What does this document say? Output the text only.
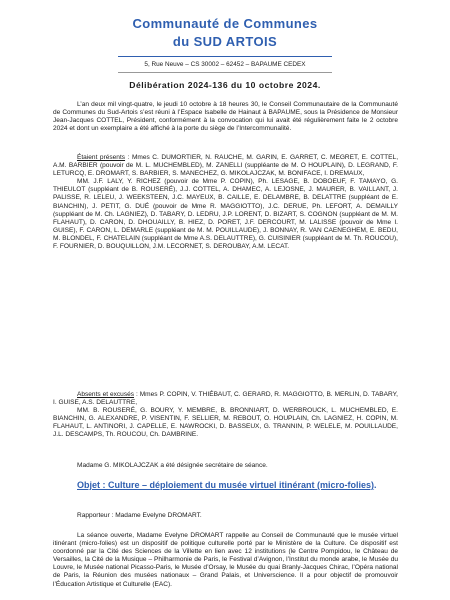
Communauté de Communes
du SUD ARTOIS
5, Rue Neuve – CS 30002 – 62452 – BAPAUME CEDEX
Délibération 2024-136 du 10 octobre 2024.
L’an deux mil vingt-quatre, le jeudi 10 octobre à 18 heures 30, le Conseil Communautaire de la Communauté de Communes du Sud-Artois s’est réuni à l’Espace Isabelle de Hainaut à BAPAUME, sous la Présidence de Monsieur Jean-Jacques COTTEL, Président, conformément à la convocation qui lui avait été régulièrement faite le 2 octobre 2024 et dont un exemplaire a été affiché à la porte du siège de l’Intercommunalité.
Étaient présents : Mmes C. DUMORTIER, N. RAUCHE, M. GARIN, E. GARRET, C. MEGRET, E. COTTEL, A.M. BARBIER (pouvoir de M. L. MUCHEMBLED), M. ZANELLI (suppléante de M. O HOUPLAIN), D. LEGRAND, F. LETURCQ, E. DROMART, S. BARBIER, S. MANECHEZ, G. MIKOLAJCZAK, M. BONIFACE, I. DREMAUX,
MM. J.F. LALY, Y. RICHEZ (pouvoir de Mme P. COPIN), Ph. LESAGE, B. DOBOEUF, F. TAMAYO, G. THIEULOT (suppléant de B. ROUSERÉ), J.J. COTTEL, A. DHAMEC, A. LEJOSNE, J. MAURER, B. VAILLANT, J. PALISSE, R. LELEU, J. WEEKSTEEN, J.C. MAYEUX, B. CAILLE, E. DELAMBRE, B. DELATTRE (suppléant de E. BIANCHIN), J. PETIT, G. DUÉ (pouvoir de Mme R. MAGGIOTTO), J.C. DERUE, Ph. LEFORT, A. DEMAILLY (suppléant de M. Ch. LAGNIEZ), D. TABARY, D. LEDRU, J.P. LORENT, D. BIZART, S. COGNON (suppléant de M. M. FLAHAUT), D. CARON, D. DHOUAILLY, B. HIEZ, D. PORET, J.F. DERCOURT, M. LALISSE (pouvoir de Mme I. GUISE), F. CARON, L. DEMARLE (suppléant de M. M. POUILLAUDE), J. BONNAY, R. VAN CAENEGHEM, E. BEDU, M. BLONDEL, F. CHATELAIN (suppléant de Mme A.S. DELAUTTRE), G. CUISINIER (suppléant de M. Th. ROUCOU), F. FOURNIER, D. BOUQUILLON, J.M. LECORNET, S. DEROUBAY, A.M. LECAT.
Absents et excusés : Mmes P. COPIN, V. THIÉBAUT, C. GERARD, R. MAGGIOTTO, B. MERLIN, D. TABARY, I. GUISE, A.S. DELAUTTRE,
MM. B. ROUSERÉ, G. BOURY, Y. MEMBRE, B. BRONNIART, D. WERBROUCK, L. MUCHEMBLED, E. BIANCHIN, G. ALEXANDRE, P. VISENTIN, F. SELLIER, M. REBOUT, O. HOUPLAIN, Ch. LAGNIEZ, H. COPIN, M. FLAHAUT, L. ANTINORI, J. CAPELLE, E. NAWROCKI, D. BASSEUX, G. TRANNIN, P. WELELE, M. POUILLAUDE, J.L. DESCAMPS, Th. ROUCOU, Ch. DAMBRINE.
Madame G. MIKOLAJCZAK a été désignée secrétaire de séance.
Objet : Culture – déploiement du musée virtuel itinérant (micro-folies).
Rapporteur : Madame Evelyne DROMART.
La séance ouverte, Madame Evelyne DROMART rappelle au Conseil de Communauté que le musée virtuel itinérant (micro-folies) est un dispositif de politique culturelle porté par le Ministère de la Culture. Ce dispositif est coordonné par la Cité des Sciences de la Villette en lien avec 12 institutions (le Centre Pompidou, le Château de Versailles, la Cité de la Musique – Philharmonie de Paris, le Festival d’Avignon, l’Institut du monde arabe, le Musée du Louvre, le Musée national Picasso-Paris, le Musée d’Orsay, le Musée du quai Branly-Jacques Chirac, l’Opéra national de Paris, la Réunion des musées nationaux – Grand Palais, et Universcience. Il a pour objectif de promouvoir l’Éducation Artistique et Culturelle (EAC).
